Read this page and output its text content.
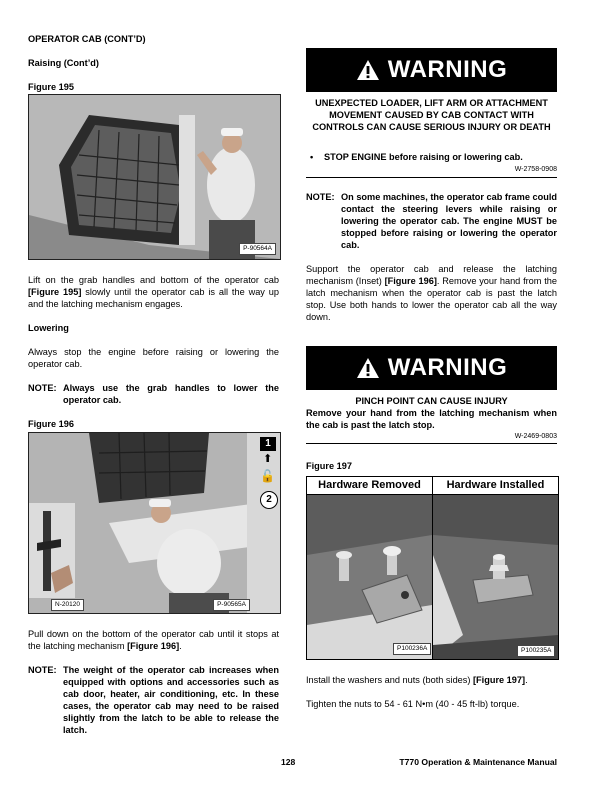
OPERATOR CAB (CONT’D)
Raising (Cont’d)
Figure 195
P-90564A
Lift on the grab handles and bottom of the operator cab [Figure 195] slowly until the operator cab is all the way up and the latching mechanism engages.
Lowering
Always stop the engine before raising or lowering the operator cab.
NOTE: Always use the grab handles to lower the operator cab.
Figure 196
1
⬆
🔓
2
N-20120	P-90565A
Pull down on the bottom of the operator cab until it stops at the latching mechanism [Figure 196].
NOTE: The weight of the operator cab increases when equipped with options and accessories such as cab door, heater, air conditioning, etc. In these cases, the operator cab may need to be raised slightly from the latch to be able to release the latch.
WARNING
UNEXPECTED LOADER, LIFT ARM OR ATTACHMENT MOVEMENT CAUSED BY CAB CONTACT WITH CONTROLS CAN CAUSE SERIOUS INJURY OR DEATH
• STOP ENGINE before raising or lowering cab.
W-2758-0908
NOTE: On some machines, the operator cab frame could contact the steering levers while raising or lowering the operator cab. The engine MUST be stopped before raising or lowering the operator cab.
Support the operator cab and release the latching mechanism (Inset) [Figure 196]. Remove your hand from the latch mechanism when the operator cab is past the latch stop. Use both hands to lower the operator cab all the way down.
WARNING
PINCH POINT CAN CAUSE INJURY
Remove your hand from the latching mechanism when the cab is past the latch stop.
W-2469-0803
Figure 197
Hardware Removed	Hardware Installed
P100236A	P100235A
Install the washers and nuts (both sides) [Figure 197].
Tighten the nuts to 54 - 61 N•m (40 - 45 ft-lb) torque.
128	T770 Operation & Maintenance Manual
